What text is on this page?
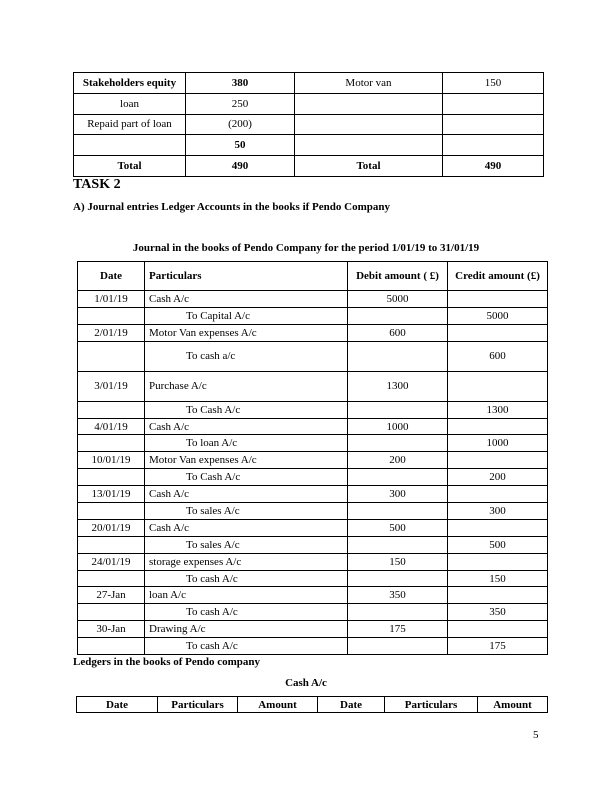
Stakeholders equity	380	Motor van	150
loan	250		
Repaid part of loan	(200)		
	50		
Total	490	Total	490
TASK 2
A) Journal entries Ledger Accounts in the books if Pendo Company
Journal in the books of Pendo Company for the period 1/01/19 to 31/01/19
Date	Particulars	Debit amount ( £)	Credit amount (£)
1/01/19	Cash A/c	5000	
	To Capital A/c		5000
2/01/19	Motor Van expenses A/c	600	
	To cash a/c		600
3/01/19	Purchase A/c	1300	
	To Cash A/c		1300
4/01/19	Cash A/c	1000	
	To loan A/c		1000
10/01/19	Motor Van expenses A/c	200	
	To Cash A/c		200
13/01/19	Cash A/c	300	
	To sales A/c		300
20/01/19	Cash A/c	500	
	To sales A/c		500
24/01/19	storage expenses A/c	150	
	To cash A/c		150
27-Jan	loan A/c	350	
	To cash A/c		350
30-Jan	Drawing A/c	175	
	To cash A/c		175
Ledgers in the books of Pendo company
Cash A/c
Date	Particulars	Amount	Date	Particulars	Amount
5
